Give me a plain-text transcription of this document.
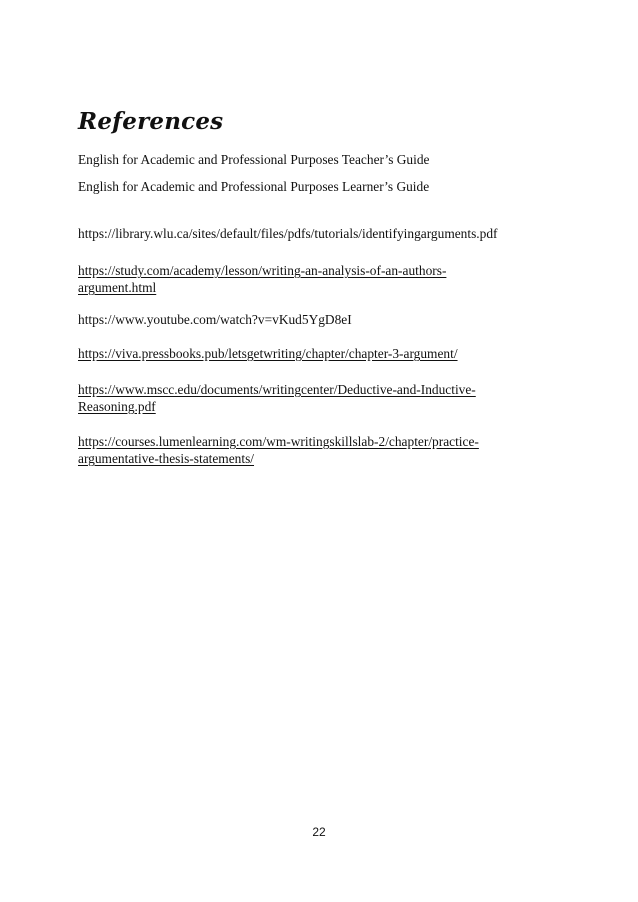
References

English for Academic and Professional Purposes Teacher’s Guide

English for Academic and Professional Purposes Learner’s Guide

https://library.wlu.ca/sites/default/files/pdfs/tutorials/identifyingarguments.pdf

https://study.com/academy/lesson/writing-an-analysis-of-an-authors-
argument.html

https://www.youtube.com/watch?v=vKud5YgD8eI

https://viva.pressbooks.pub/letsgetwriting/chapter/chapter-3-argument/

https://www.mscc.edu/documents/writingcenter/Deductive-and-Inductive-
Reasoning.pdf

https://courses.lumenlearning.com/wm-writingskillslab-2/chapter/practice-
argumentative-thesis-statements/

22
